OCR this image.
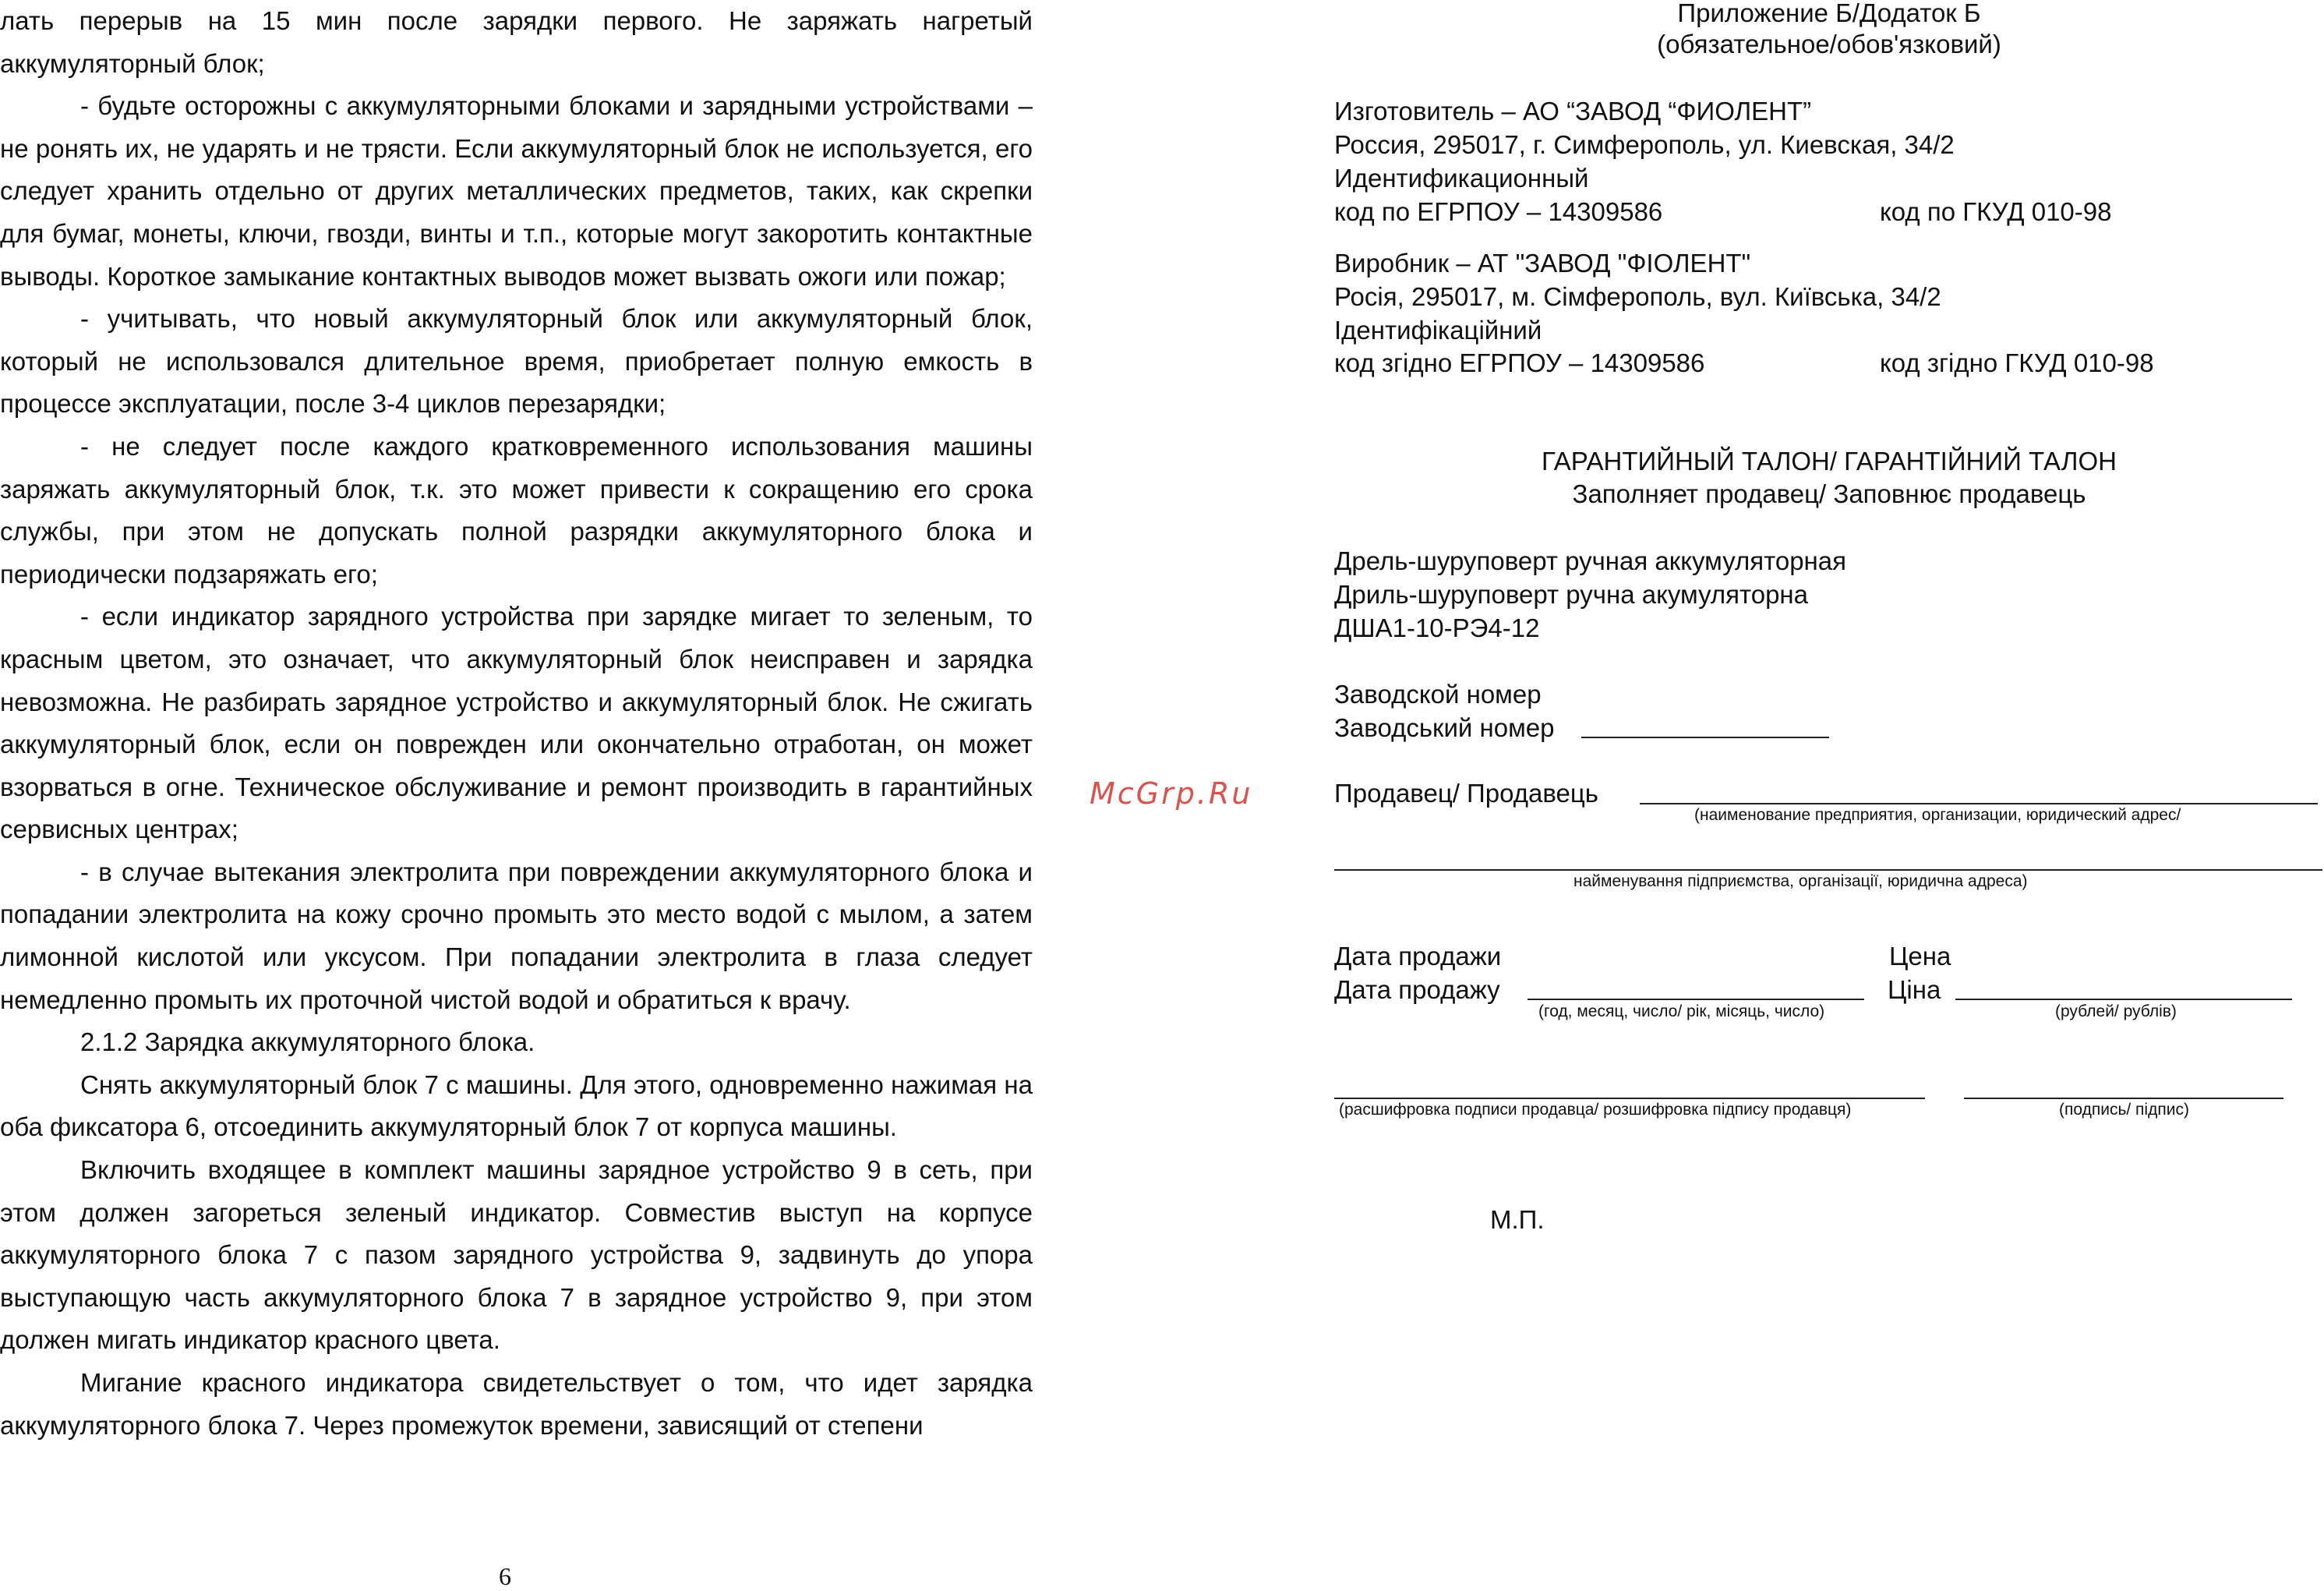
лать перерыв на 15 мин после зарядки первого. Не заряжать нагретый аккумуляторный блок;

- будьте осторожны с аккумуляторными блоками и зарядными устройствами – не ронять их, не ударять и не трясти. Если аккумуляторный блок не используется, его следует хранить отдельно от других металлических предметов, таких, как скрепки для бумаг, монеты, ключи, гвозди, винты и т.п., которые могут закоротить контактные выводы. Короткое замыкание контактных выводов может вызвать ожоги или пожар;

- учитывать, что новый аккумуляторный блок или аккумуляторный блок, который не использовался длительное время, приобретает полную емкость в процессе эксплуатации, после 3-4 циклов перезарядки;

- не следует после каждого кратковременного использования машины заряжать аккумуляторный блок, т.к. это может привести к сокращению его срока службы, при этом не допускать полной разрядки аккумуляторного блока и периодически подзаряжать его;

- если индикатор зарядного устройства при зарядке мигает то зеленым, то красным цветом, это означает, что аккумуляторный блок неисправен и зарядка невозможна. Не разбирать зарядное устройство и аккумуляторный блок. Не сжигать аккумуляторный блок, если он поврежден или окончательно отработан, он может взорваться в огне. Техническое обслуживание и ремонт производить в гарантийных сервисных центрах;

- в случае вытекания электролита при повреждении аккумуляторного блока и попадании электролита на кожу срочно промыть это место водой с мылом, а затем лимонной кислотой или уксусом. При попадании электролита в глаза следует немедленно промыть их проточной чистой водой и обратиться к врачу.

2.1.2 Зарядка аккумуляторного блока.

Снять аккумуляторный блок 7 с машины. Для этого, одновременно нажимая на оба фиксатора 6, отсоединить аккумуляторный блок 7 от корпуса машины.

Включить входящее в комплект машины зарядное устройство 9 в сеть, при этом должен загореться зеленый индикатор. Совместив выступ на корпусе аккумуляторного блока 7 с пазом зарядного устройства 9, задвинуть до упора выступающую часть аккумуляторного блока 7 в зарядное устройство 9, при этом должен мигать индикатор красного цвета.

Мигание красного индикатора свидетельствует о том, что идет зарядка аккумуляторного блока 7. Через промежуток времени, зависящий от степени

6
McGrp.Ru
Приложение Б/Додаток Б
(обязательное/обов'язковий)
Изготовитель – АО “ЗАВОД “ФИОЛЕНТ”
Россия, 295017, г. Симферополь, ул. Киевская, 34/2
Идентификационный
код по ЕГРПОУ – 14309586	код по ГКУД 010-98
Виробник – АТ "ЗАВОД "ФІОЛЕНТ"
Росія, 295017, м. Сімферополь, вул. Київська, 34/2
Ідентифікаційний
код згідно ЕГРПОУ – 14309586	код згідно ГКУД 010-98
ГАРАНТИЙНЫЙ ТАЛОН/ ГАРАНТІЙНИЙ ТАЛОН
Заполняет продавец/ Заповнює продавець
Дрель-шуруповерт ручная аккумуляторная
Дриль-шуруповерт ручна акумуляторна
ДША1-10-РЭ4-12
Заводской номер
Заводський номер
Продавец/ Продавець
(наименование предприятия, организации, юридический адрес/
найменування підприємства, організації, юридична адреса)
Дата продажи
Дата продажу
(год, месяц, число/ рік, місяць, число)
Цена
Ціна
(рублей/ рублів)
(расшифровка подписи продавца/ розшифровка підпису продавця)	(подпись/ підпис)
М.П.
